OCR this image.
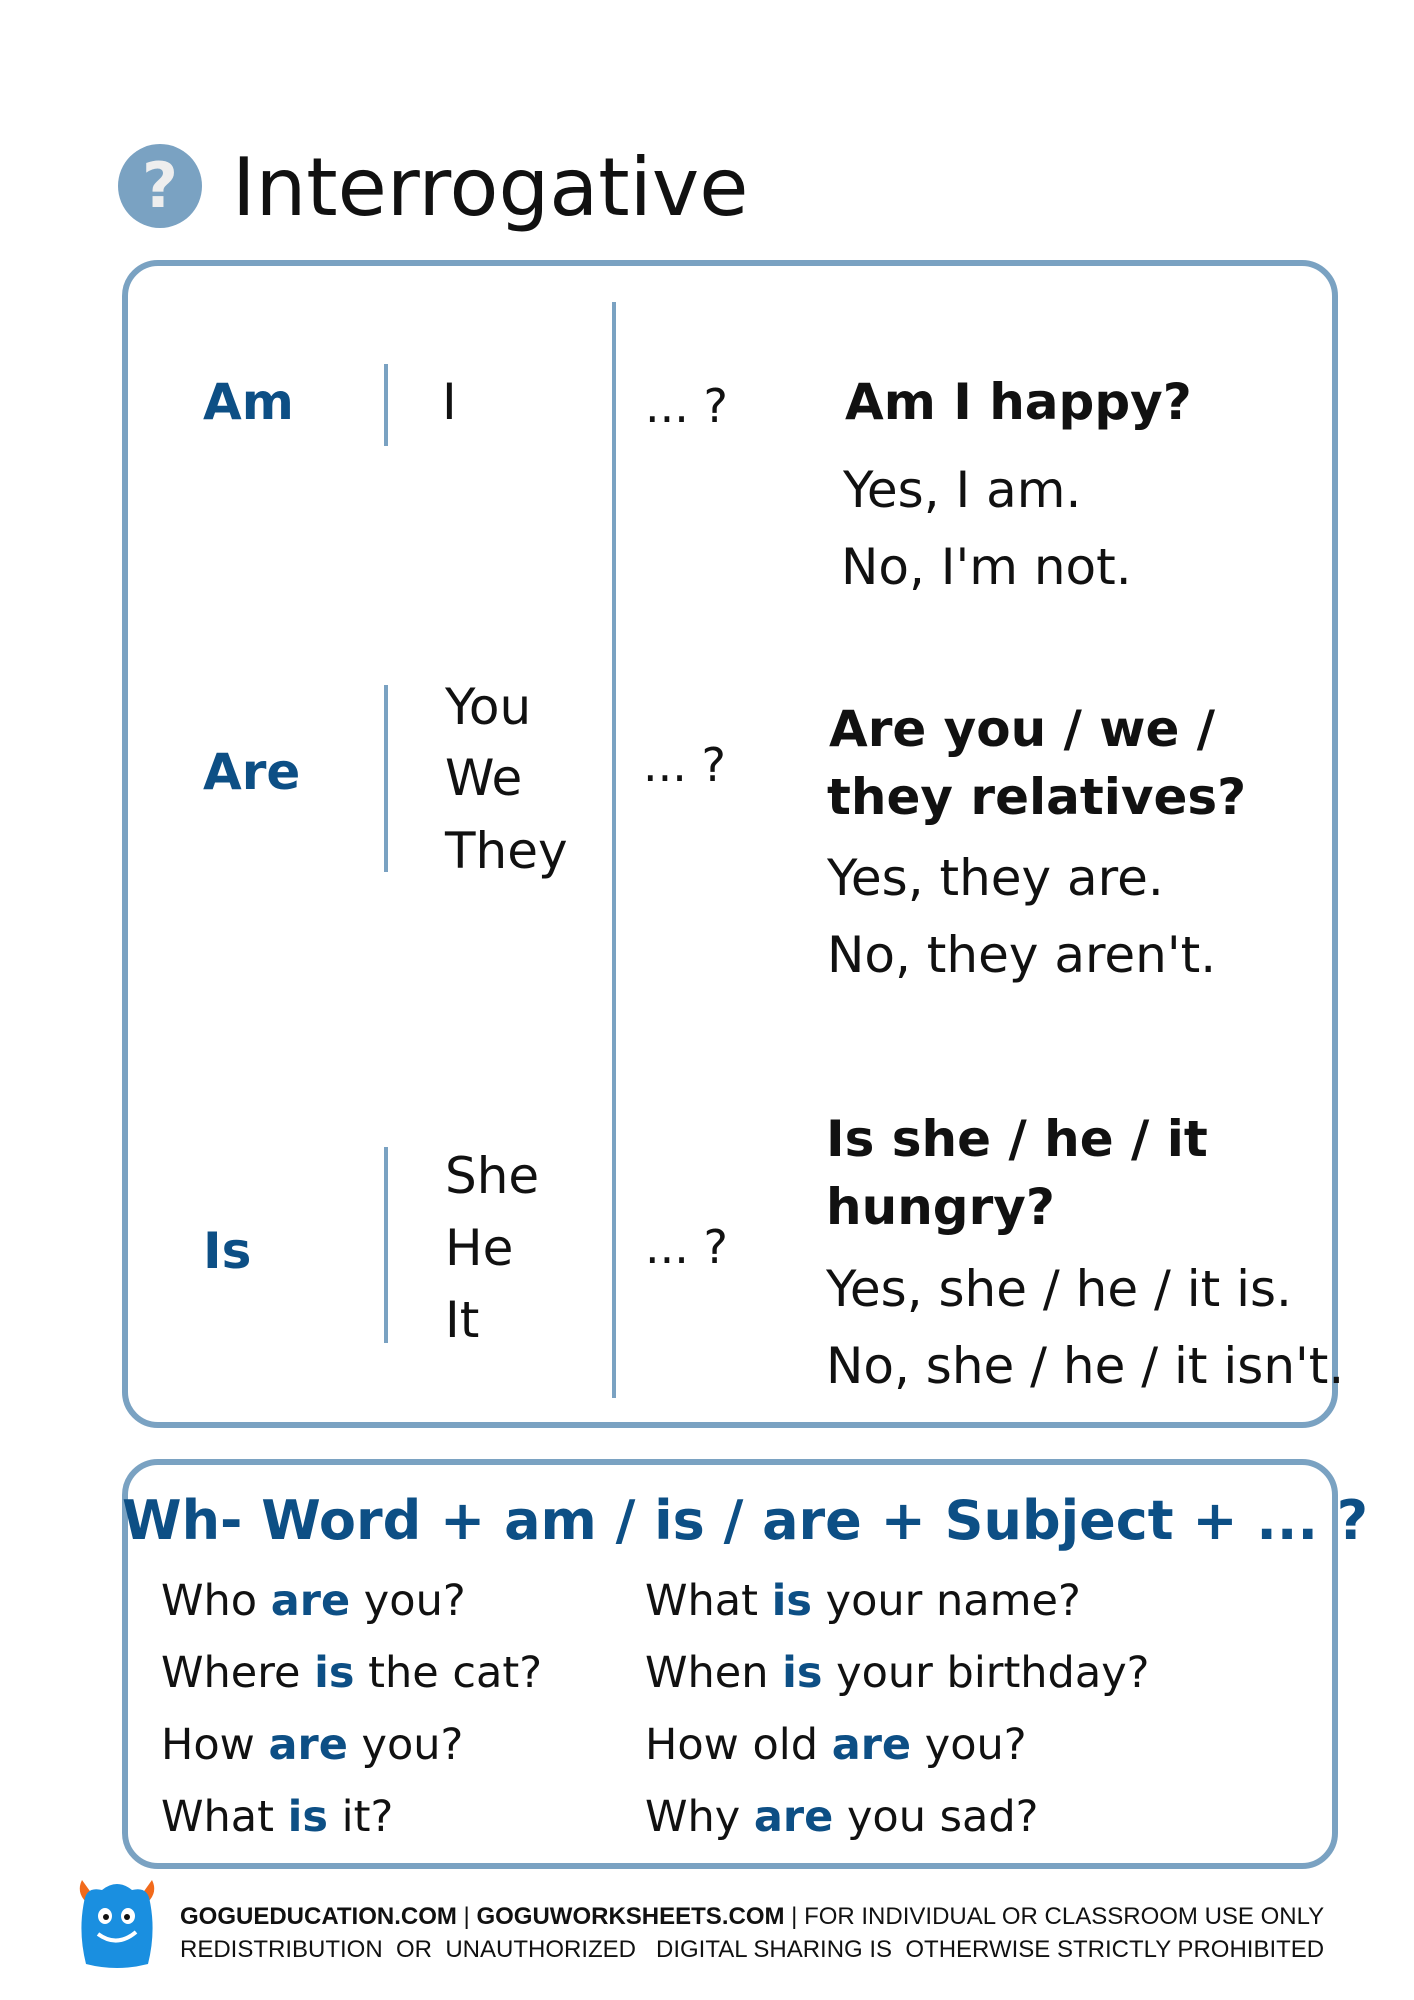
? Interrogative
Am	I	... ? Am I happy?
Yes, I am.
No, I'm not.
Are
You
We
They
... ?
Are you / we /
they relatives?
Yes, they are.
No, they aren't.
Is
She
He
It
... ?
Is she / he / it
hungry?
Yes, she / he / it is.
No, she / he / it isn't.
Wh- Word + am / is / are + Subject + ... ?
Who are you?
Where is the cat?
How are you?
What is it?
What is your name?
When is your birthday?
How old are you?
Why are you sad?
GOGUEDUCATION.COM | GOGUWORKSHEETS.COM | FOR INDIVIDUAL OR CLASSROOM USE ONLY
REDISTRIBUTION  OR  UNAUTHORIZED   DIGITAL SHARING IS  OTHERWISE STRICTLY PROHIBITED
